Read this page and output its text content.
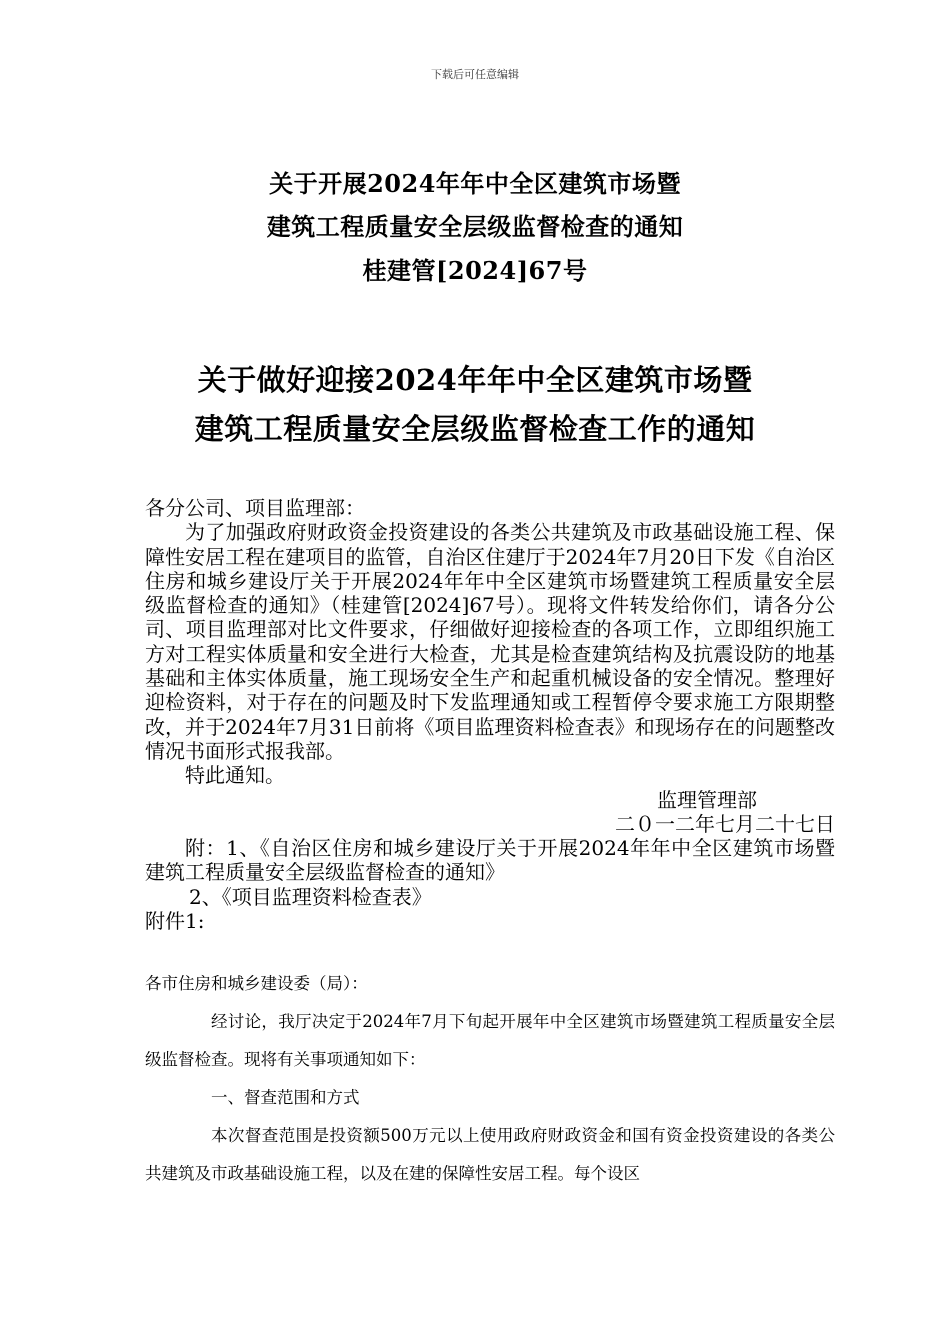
下载后可任意编辑
关于开展2024年年中全区建筑市场暨
建筑工程质量安全层级监督检查的通知
桂建管[2024]67号
关于做好迎接2024年年中全区建筑市场暨
建筑工程质量安全层级监督检查工作的通知

各分公司、项目监理部：

为了加强政府财政资金投资建设的各类公共建筑及市政基础设施工程、保障性安居工程在建项目的监管，自治区住建厅于2024年7月20日下发《自治区住房和城乡建设厅关于开展2024年年中全区建筑市场暨建筑工程质量安全层级监督检查的通知》（桂建管[2024]67号）。现将文件转发给你们，请各分公司、项目监理部对比文件要求，仔细做好迎接检查的各项工作，立即组织施工方对工程实体质量和安全进行大检查，尤其是检查建筑结构及抗震设防的地基基础和主体实体质量，施工现场安全生产和起重机械设备的安全情况。整理好迎检资料，对于存在的问题及时下发监理通知或工程暂停令要求施工方限期整改，并于2024年7月31日前将《项目监理资料检查表》和现场存在的问题整改情况书面形式报我部。

特此通知。

监理管理部

二０一二年七月二十七日

附：1、《自治区住房和城乡建设厅关于开展2024年年中全区建筑市场暨建筑工程质量安全层级监督检查的通知》

2、《项目监理资料检查表》

附件1:

各市住房和城乡建设委（局）：

经讨论，我厅决定于2024年7月下旬起开展年中全区建筑市场暨建筑工程质量安全层级监督检查。现将有关事项通知如下：

一、督查范围和方式

本次督查范围是投资额500万元以上使用政府财政资金和国有资金投资建设的各类公共建筑及市政基础设施工程，以及在建的保障性安居工程。每个设区
